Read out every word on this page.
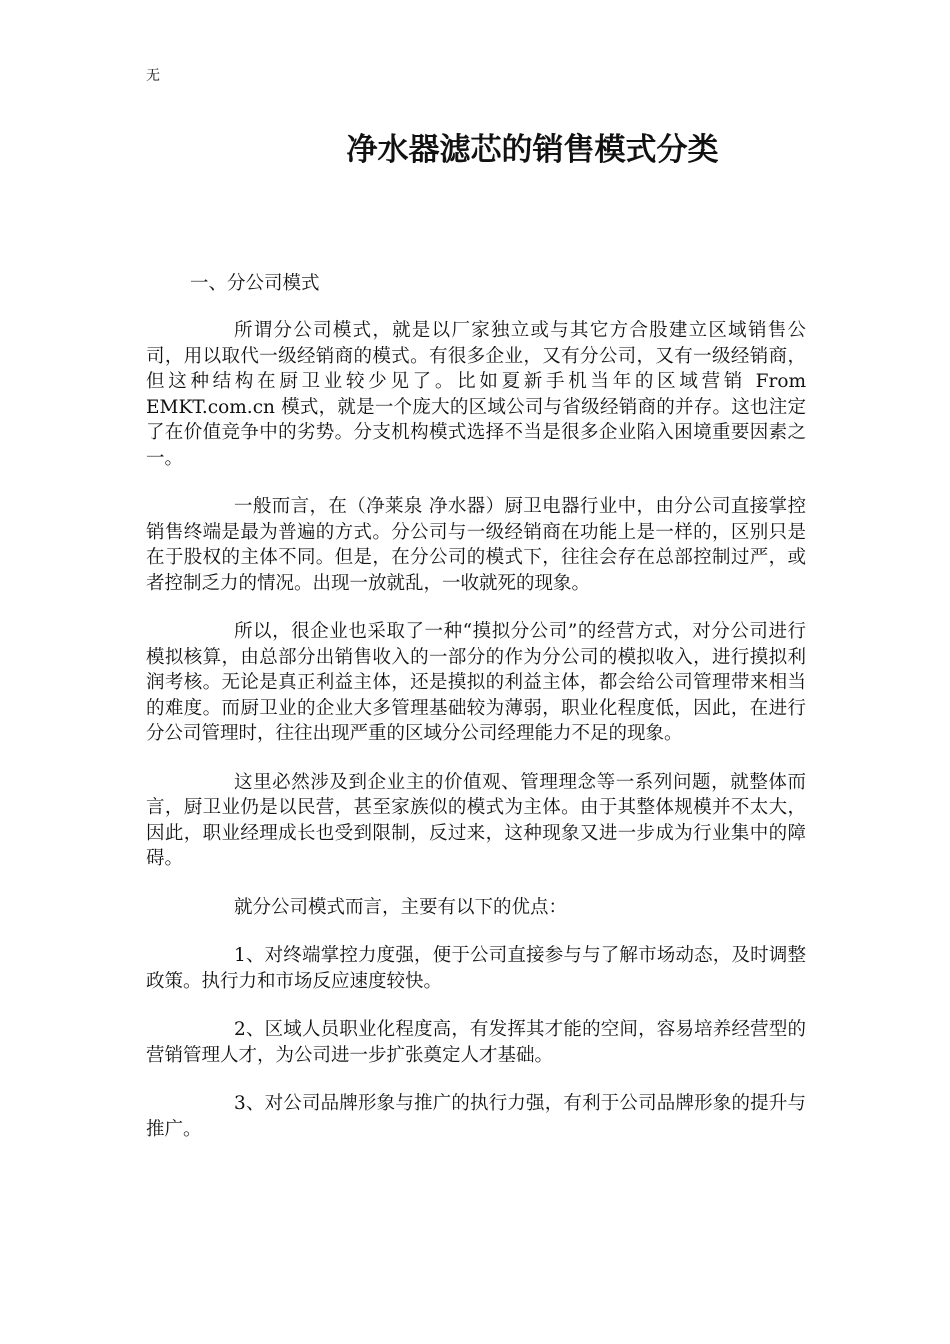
无
净水器滤芯的销售模式分类

一、分公司模式

所谓分公司模式，就是以厂家独立或与其它方合股建立区域销售公司，用以取代一级经销商的模式。有很多企业，又有分公司，又有一级经销商，但这种结构在厨卫业较少见了。比如夏新手机当年的区域营销 From EMKT.com.cn 模式，就是一个庞大的区域公司与省级经销商的并存。这也注定了在价值竞争中的劣势。分支机构模式选择不当是很多企业陷入困境重要因素之一。

一般而言，在（净莱泉 净水器）厨卫电器行业中，由分公司直接掌控销售终端是最为普遍的方式。分公司与一级经销商在功能上是一样的，区别只是在于股权的主体不同。但是，在分公司的模式下，往往会存在总部控制过严，或者控制乏力的情况。出现一放就乱，一收就死的现象。

所以，很企业也采取了一种“摸拟分公司”的经营方式，对分公司进行模拟核算，由总部分出销售收入的一部分的作为分公司的模拟收入，进行摸拟利润考核。无论是真正利益主体，还是摸拟的利益主体，都会给公司管理带来相当的难度。而厨卫业的企业大多管理基础较为薄弱，职业化程度低，因此，在进行分公司管理时，往往出现严重的区域分公司经理能力不足的现象。

这里必然涉及到企业主的价值观、管理理念等一系列问题，就整体而言，厨卫业仍是以民营，甚至家族似的模式为主体。由于其整体规模并不太大，因此，职业经理成长也受到限制，反过来，这种现象又进一步成为行业集中的障碍。

就分公司模式而言，主要有以下的优点：

1、对终端掌控力度强，便于公司直接参与与了解市场动态，及时调整政策。执行力和市场反应速度较快。

2、区域人员职业化程度高，有发挥其才能的空间，容易培养经营型的营销管理人才，为公司进一步扩张奠定人才基础。

3、对公司品牌形象与推广的执行力强，有利于公司品牌形象的提升与推广。
